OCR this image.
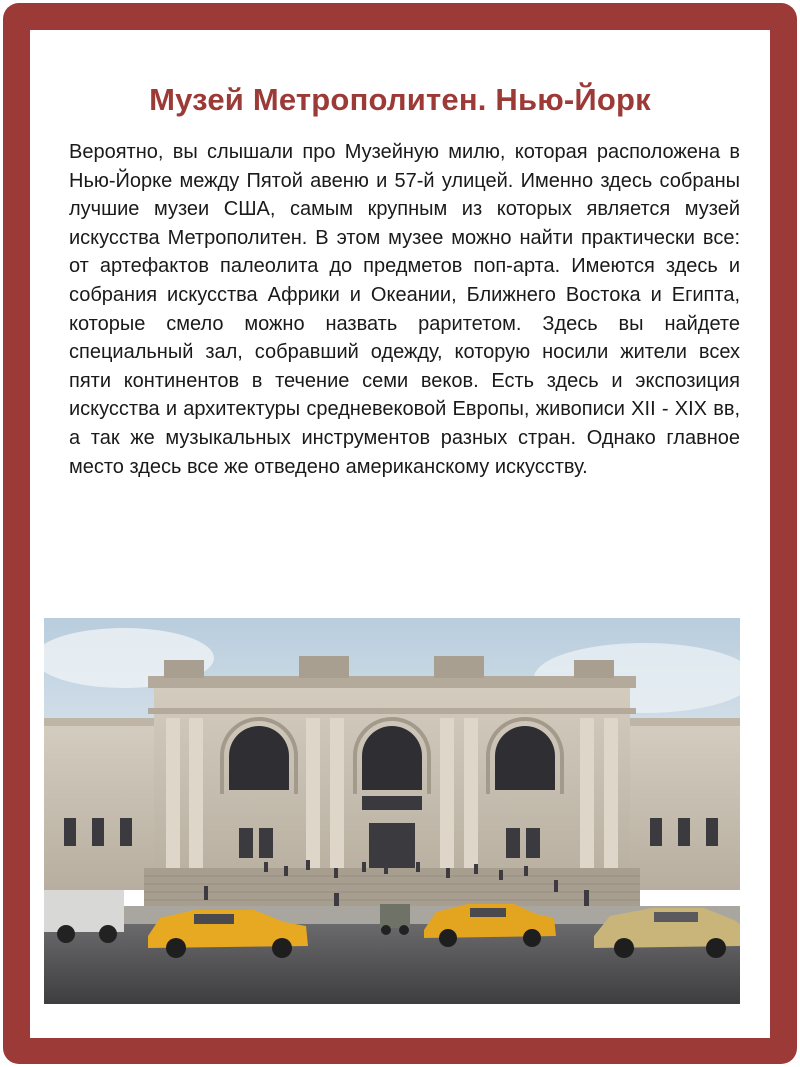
Музей Метрополитен. Нью-Йорк

Вероятно, вы слышали про Музейную милю, которая расположена в Нью-Йорке между Пятой авеню и 57-й улицей. Именно здесь собраны лучшие музеи США, самым крупным из которых является музей искусства Метрополитен. В этом музее можно найти практически все: от артефактов палеолита до предметов поп-арта. Имеются здесь и собрания искусства Африки и Океании, Ближнего Востока и Египта, которые смело можно назвать раритетом. Здесь вы найдете специальный зал, собравший одежду, которую носили жители всех пяти континентов в течение семи веков. Есть здесь и экспозиция искусства и архитектуры средневековой Европы, живописи XII - XIX вв, а так же музыкальных инструментов разных стран. Однако главное место здесь все же отведено американскому искусству.
